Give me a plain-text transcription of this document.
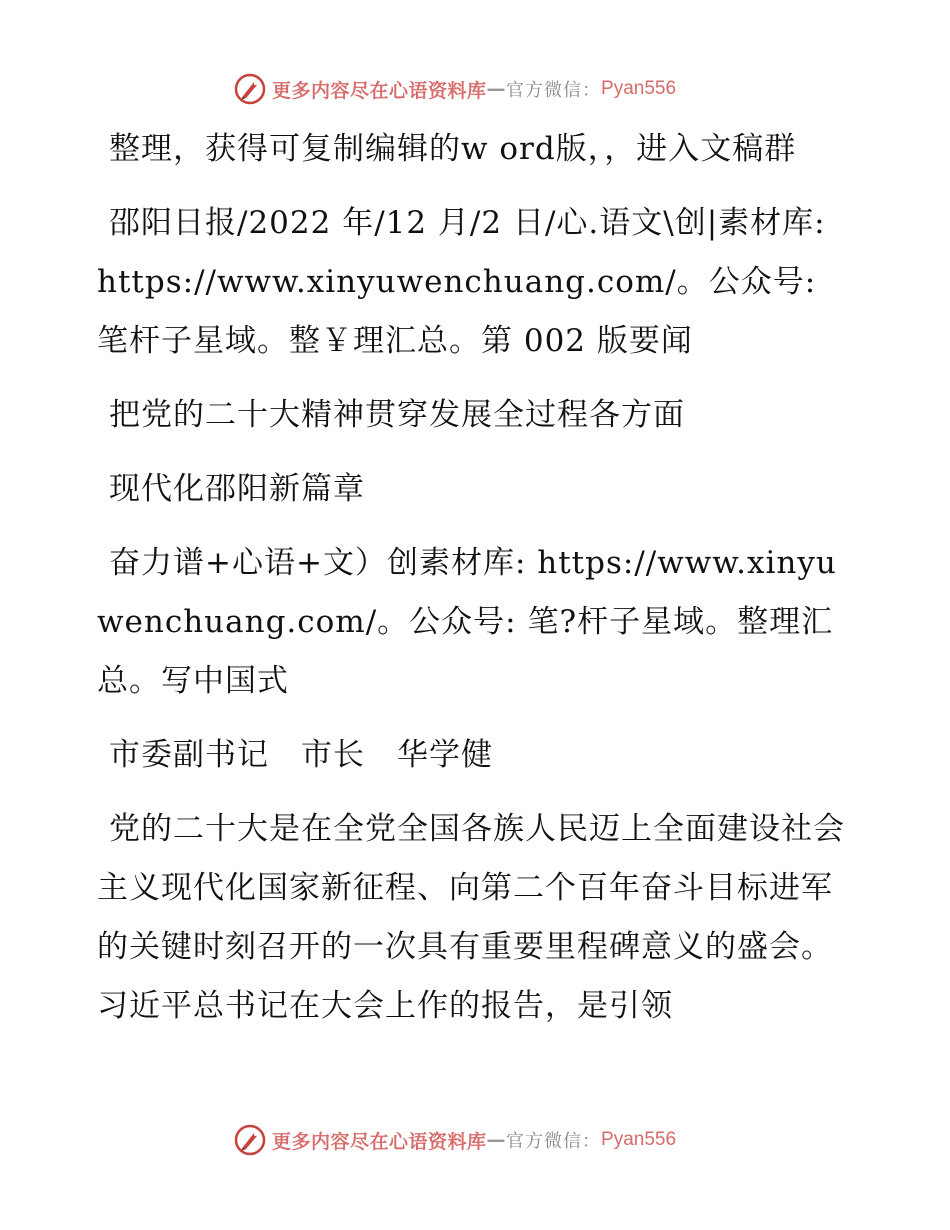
更多内容尽在心语资料库 — 官方微信： Pyan556

整理，获得可复制编辑的w ord版，，进入文稿群

邵阳日报/2022 年/12 月/2 日/心.语文\创|素材库: https://www.xinyuwenchuang.com/。公众号: 笔杆子星域。整￥理汇总。第 002 版要闻

把党的二十大精神贯穿发展全过程各方面

现代化邵阳新篇章

奋力谱+心语+文）创素材库: https://www.xinyuwenchuang.com/。公众号: 笔?杆子星域。整理汇总。写中国式

市委副书记　市长　华学健

党的二十大是在全党全国各族人民迈上全面建设社会主义现代化国家新征程、向第二个百年奋斗目标进军的关键时刻召开的一次具有重要里程碑意义的盛会。习近平总书记在大会上作的报告，是引领

更多内容尽在心语资料库 — 官方微信： Pyan556
